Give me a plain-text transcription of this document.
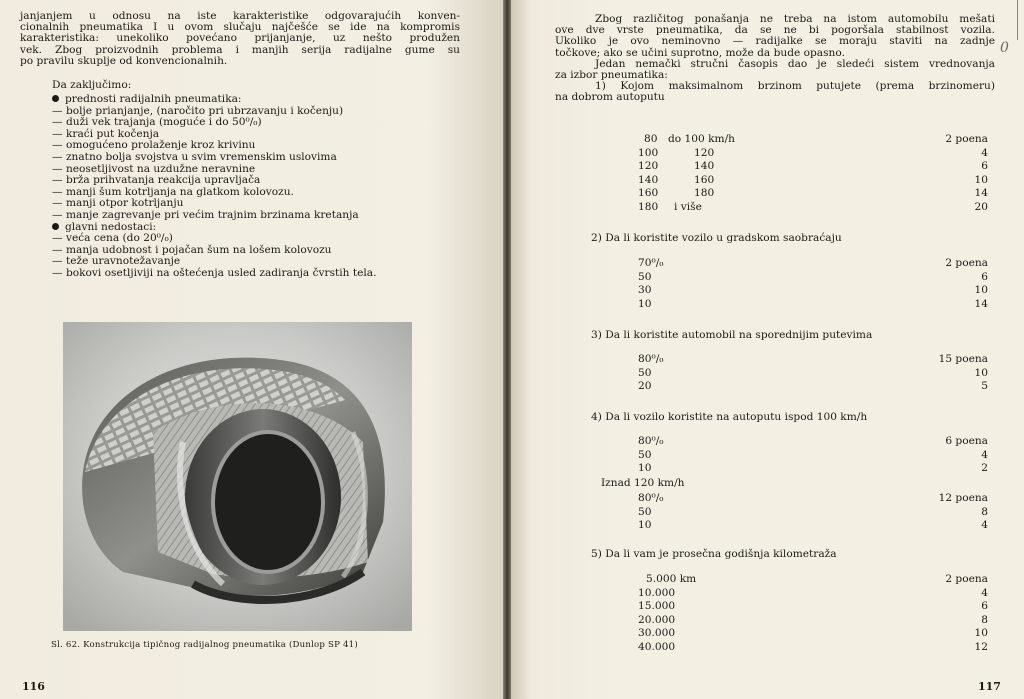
janjanjem u odnosu na iste karakteristike odgovarajućih konven-
cionalnih pneumatika I u ovom slučaju najčešće se ide na kompromis
karakteristika: unekoliko povećano prijanjanje, uz nešto produžen
vek. Zbog proizvodnih problema i manjih serija radijalne gume su
po pravilu skuplje od konvencionalnih.
Da zaključimo:
prednosti radijalnih pneumatika:
— bolje prianjanje, (naročito pri ubrzavanju i kočenju)
— duži vek trajanja (moguće i do 50⁰/₀)
— kraći put kočenja
— omogućeno prolaženje kroz krivinu
— znatno bolja svojstva u svim vremenskim uslovima
— neosetljivost na uzdužne neravnine
— brža prihvatanja reakcija upravljača
— manji šum kotrljanja na glatkom kolovozu.
— manji otpor kotrljanju
— manje zagrevanje pri većim trajnim brzinama kretanja
glavni nedostaci:
— veća cena (do 20⁰/₀)
— manja udobnost i pojačan šum na lošem kolovozu
— teže uravnotežavanje
— bokovi osetljiviji na oštećenja usled zadiranja čvrstih tela.
Sl. 62. Konstrukcija tipičnog radijalnog pneumatika (Dunlop SP 41)
116
Zbog različitog ponašanja ne treba na istom automobilu mešati
ove dve vrste pneumatika, da se ne bi pogoršala stabilnost vozila.
Ukoliko je ovo neminovno — radijalke se moraju staviti na zadnje
točkove; ako se učini suprotno, može da bude opasno.
Jedan nemački stručni časopis dao je sledeći sistem vrednovanja
za izbor pneumatika:
1) Kojom maksimalnom brzinom putujete (prema brzinomeru)
na dobrom autoputu
80 do 100 km/h	2 poena
100	120	4
120	140	6
140	160	10
160	180	14
180 i više	20
2) Da li koristite vozilo u gradskom saobraćaju
70⁰/₀	2 poena
50	6
30	10
10	14
3) Da li koristite automobil na sporednijim putevima
80⁰/₀	15 poena
50	10
20	5
4) Da li vozilo koristite na autoputu ispod 100 km/h
80⁰/₀	6 poena
50	4
10	2
Iznad 120 km/h
80⁰/₀	12 poena
50	8
10	4
5) Da li vam je prosečna godišnja kilometraža
5.000 km	2 poena
10.000	4
15.000	6
20.000	8
30.000	10
40.000	12
117
0
